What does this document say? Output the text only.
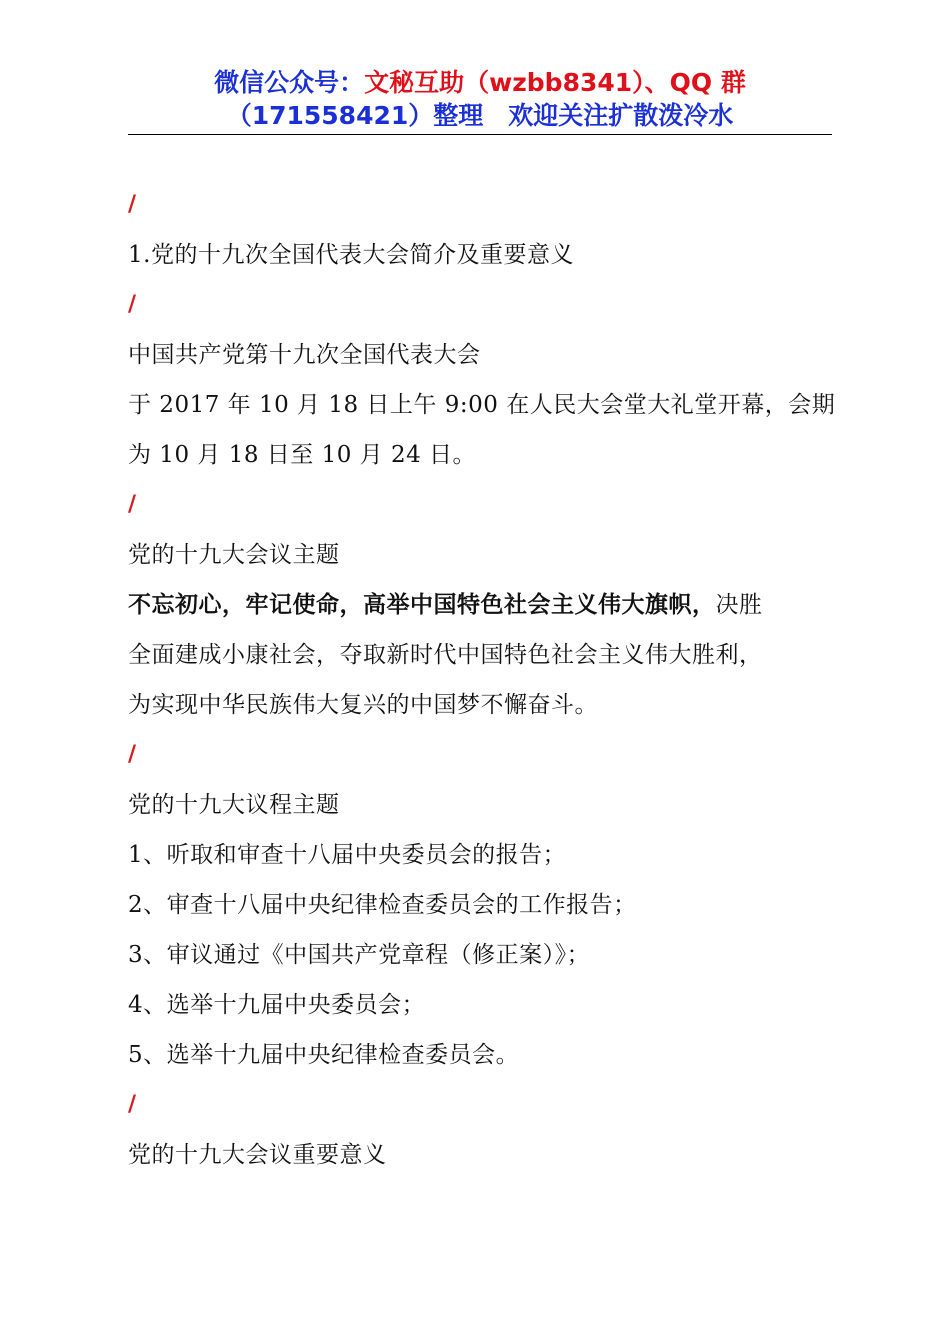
微信公众号：文秘互助（wzbb8341）、QQ 群
（171558421）整理　 欢迎关注扩散泼冷水
/
1.党的十九次全国代表大会简介及重要意义
/
中国共产党第十九次全国代表大会
于 2017 年 10 月 18 日上午 9:00 在人民大会堂大礼堂开幕，会期
为 10 月 18 日至 10 月 24 日。
/
党的十九大会议主题
不忘初心，牢记使命，高举中国特色社会主义伟大旗帜，决胜
全面建成小康社会，夺取新时代中国特色社会主义伟大胜利，
为实现中华民族伟大复兴的中国梦不懈奋斗。
/
党的十九大议程主题
1、听取和审查十八届中央委员会的报告；
2、审查十八届中央纪律检查委员会的工作报告；
3、审议通过《中国共产党章程（修正案）》；
4、选举十九届中央委员会；
5、选举十九届中央纪律检查委员会。
/
党的十九大会议重要意义
